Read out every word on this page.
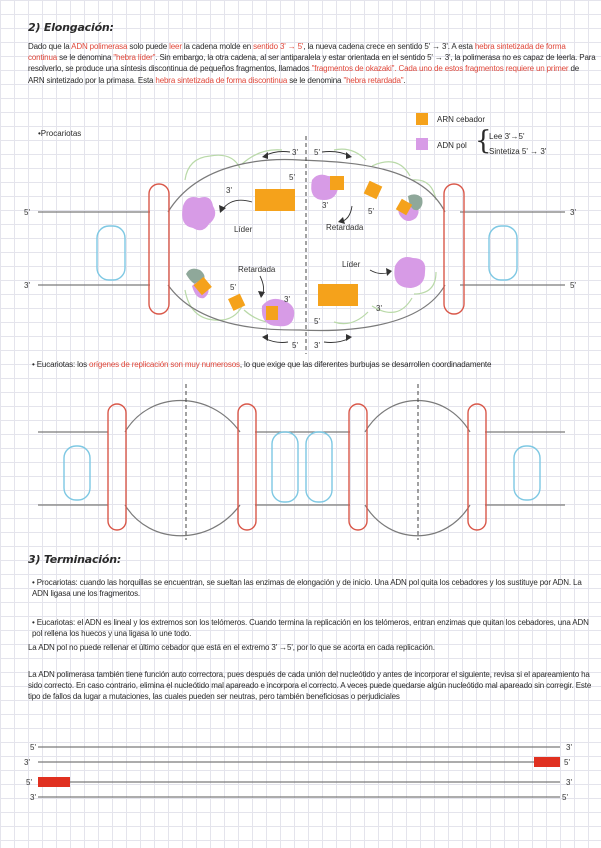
2) Elongación:

Dado que la ADN polimerasa solo puede leer la cadena molde en sentido 3' → 5', la nueva cadena crece en sentido 5' → 3'. A esta hebra sintetizada de forma continua se le denomina "hebra líder". Sin embargo, la otra cadena, al ser antiparalela y estar orientada en el sentido 5' → 3', la polimerasa no es capaz de leerla. Para resolverlo, se produce una síntesis discontinua de pequeños fragmentos, llamados "fragmentos de okazaki". Cada uno de estos fragmentos requiere un primer de ARN sintetizado por la primasa. Esta hebra sintetizada de forma discontinua se le denomina "hebra retardada".

•Procariotas
ARN cebador
ADN pol {
Lee 3'→5'
Sintetiza 5' → 3'
5'
3'
3'
5'
3' 5'
5'
3'
3'
5'
Líder	Retardada
Retardada
Líder
5'
3'
3'
5'
5' 3'

• Eucariotas: los orígenes de replicación son muy numerosos, lo que exige que las diferentes burbujas se desarrollen coordinadamente

3) Terminación:

• Procariotas: cuando las horquillas se encuentran, se sueltan las enzimas de elongación y de inicio. Una ADN pol quita los cebadores y los sustituye por ADN. La ADN ligasa une los fragmentos.

• Eucariotas: el ADN es lineal y los extremos son los telómeros. Cuando termina la replicación en los telómeros, entran enzimas que quitan los cebadores, una ADN pol rellena los huecos y una ligasa lo une todo.

La ADN pol no puede rellenar el último cebador que está en el extremo 3' →5', por lo que se acorta en cada replicación.

La ADN polimerasa también tiene función auto correctora, pues después de cada unión del nucleótido y antes de incorporar el siguiente, revisa si el apareamiento ha sido correcto. En caso contrario, elimina el nucleótido mal apareado e incorpora el correcto. A veces puede quedarse algún nucleótido mal apareado sin corregir. Este tipo de fallos da lugar a mutaciones, las cuales pueden ser neutras, pero también beneficiosas o perjudiciales

5'
3'
3'
5'
5'
3'
3'
5'
